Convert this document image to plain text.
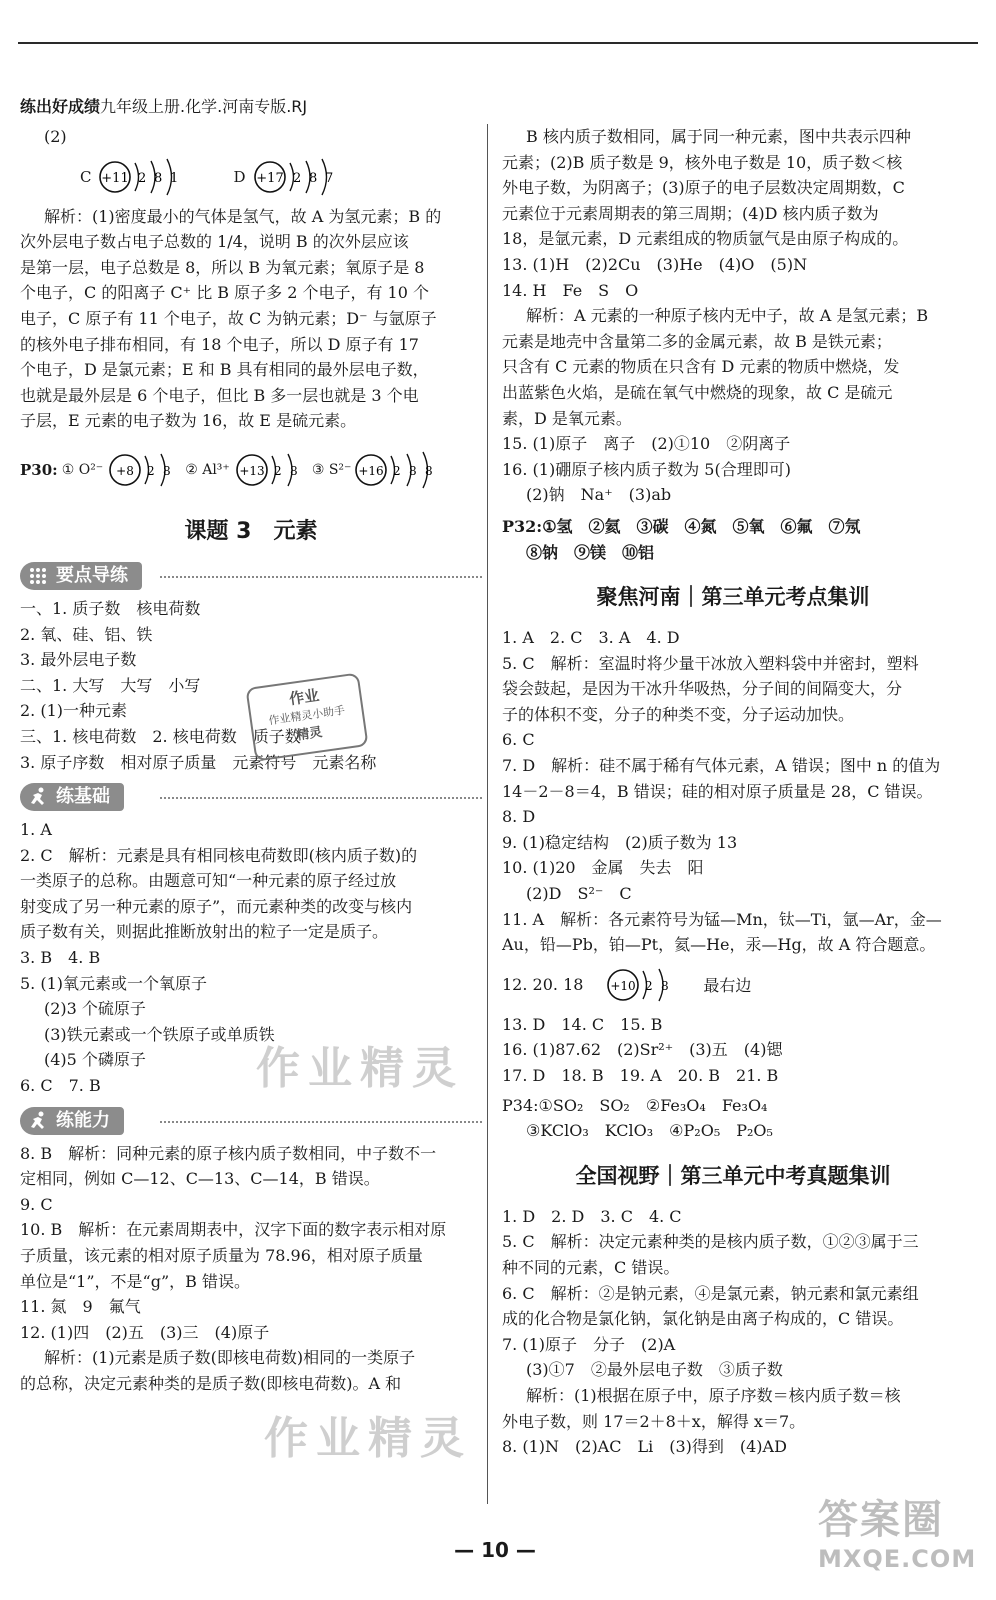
练出好成绩九年级上册.化学.河南专版.RJ
(2)
C +11 2 8 1	D +17 2 8 7
解析：(1)密度最小的气体是氢气，故 A 为氢元素；B 的
次外层电子数占电子总数的 1/4，说明 B 的次外层应该
是第一层，电子总数是 8，所以 B 为氧元素；氧原子是 8
个电子，C 的阳离子 C⁺ 比 B 原子多 2 个电子，有 10 个
电子，C 原子有 11 个电子，故 C 为钠元素；D⁻ 与氩原子
的核外电子排布相同，有 18 个电子，所以 D 原子有 17
个电子，D 是氯元素；E 和 B 具有相同的最外层电子数，
也就是最外层是 6 个电子，但比 B 多一层也就是 3 个电
子层，E 元素的电子数为 16，故 E 是硫元素。
P30: ① O²⁻ +8 2 8 ② Al³⁺ +13 2 8 ③ S²⁻ +16 2 8 8
课题 3　元素
要点导练
一、1. 质子数　核电荷数
2. 氧、硅、铝、铁
3. 最外层电子数
二、1. 大写　大写　小写
2. (1)一种元素
三、1. 核电荷数　2. 核电荷数　质子数
3. 原子序数　相对原子质量　元素符号　元素名称
练基础
1. A
2. C　解析：元素是具有相同核电荷数即(核内质子数)的
一类原子的总称。由题意可知“一种元素的原子经过放
射变成了另一种元素的原子”，而元素种类的改变与核内
质子数有关，则据此推断放射出的粒子一定是质子。
3. B　4. B
5. (1)氧元素或一个氧原子
(2)3 个硫原子
(3)铁元素或一个铁原子或单质铁
(4)5 个磷原子
6. C　7. B
练能力
8. B　解析：同种元素的原子核内质子数相同，中子数不一
定相同，例如 C—12、C—13、C—14，B 错误。
9. C
10. B　解析：在元素周期表中，汉字下面的数字表示相对原
子质量，该元素的相对原子质量为 78.96，相对原子质量
单位是“1”，不是“g”，B 错误。
11. 氮　9　氟气
12. (1)四　(2)五　(3)三　(4)原子
解析：(1)元素是质子数(即核电荷数)相同的一类原子
的总称，决定元素种类的是质子数(即核电荷数)。A 和
B 核内质子数相同，属于同一种元素，图中共表示四种
元素；(2)B 质子数是 9，核外电子数是 10，质子数＜核
外电子数，为阴离子；(3)原子的电子层数决定周期数，C
元素位于元素周期表的第三周期；(4)D 核内质子数为
18，是氩元素，D 元素组成的物质氩气是由原子构成的。
13. (1)H　(2)2Cu　(3)He　(4)O　(5)N
14. H　Fe　S　O
解析：A 元素的一种原子核内无中子，故 A 是氢元素；B
元素是地壳中含量第二多的金属元素，故 B 是铁元素；
只含有 C 元素的物质在只含有 D 元素的物质中燃烧，发
出蓝紫色火焰，是硫在氧气中燃烧的现象，故 C 是硫元
素，D 是氧元素。
15. (1)原子　离子　(2)①10　②阴离子
16. (1)硼原子核内质子数为 5(合理即可)
(2)钠　Na⁺　(3)ab
P32:①氢　②氦　③碳　④氮　⑤氧　⑥氟　⑦氖
⑧钠　⑨镁　⑩铝
聚焦河南｜第三单元考点集训
1. A　2. C　3. A　4. D
5. C　解析：室温时将少量干冰放入塑料袋中并密封，塑料
袋会鼓起，是因为干冰升华吸热，分子间的间隔变大，分
子的体积不变，分子的种类不变，分子运动加快。
6. C
7. D　解析：硅不属于稀有气体元素，A 错误；图中 n 的值为
14－2－8＝4，B 错误；硅的相对原子质量是 28，C 错误。
8. D
9. (1)稳定结构　(2)质子数为 13
10. (1)20　金属　失去　阳
(2)D　S²⁻　C
11. A　解析：各元素符号为锰—Mn，钛—Ti，氩—Ar，金—
Au，铅—Pb，铂—Pt，氦—He，汞—Hg，故 A 符合题意。
12. 20. 18 +10 2 8 最右边
13. D　14. C　15. B
16. (1)87.62　(2)Sr²⁺　(3)五　(4)锶
17. D　18. B　19. A　20. B　21. B
P34:①SO₂　SO₂　②Fe₃O₄　Fe₃O₄
③KClO₃　KClO₃　④P₂O₅　P₂O₅
全国视野｜第三单元中考真题集训
1. D　2. D　3. C　4. C
5. C　解析：决定元素种类的是核内质子数，①②③属于三
种不同的元素，C 错误。
6. C　解析：②是钠元素，④是氯元素，钠元素和氯元素组
成的化合物是氯化钠，氯化钠是由离子构成的，C 错误。
7. (1)原子　分子　(2)A
(3)①7　②最外层电子数　③质子数
解析：(1)根据在原子中，原子序数＝核内质子数＝核
外电子数，则 17＝2＋8＋x，解得 x＝7。
8. (1)N　(2)AC　Li　(3)得到　(4)AD
作业
作业精灵小助手
精灵
作业精灵
作业精灵
— 10 —
答案圈
MXQE.COM
